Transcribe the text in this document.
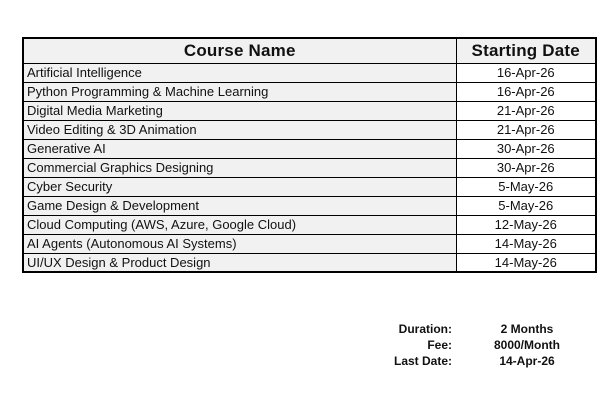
Course Name	Starting Date
Artificial Intelligence	16-Apr-26
Python Programming & Machine Learning	16-Apr-26
Digital Media Marketing	21-Apr-26
Video Editing & 3D Animation	21-Apr-26
Generative AI	30-Apr-26
Commercial Graphics Designing	30-Apr-26
Cyber Security	5-May-26
Game Design & Development	5-May-26
Cloud Computing (AWS, Azure, Google Cloud)	12-May-26
AI Agents (Autonomous AI Systems)	14-May-26
UI/UX Design & Product Design	14-May-26
Duration:	2 Months
Fee:	8000/Month
Last Date:	14-Apr-26
